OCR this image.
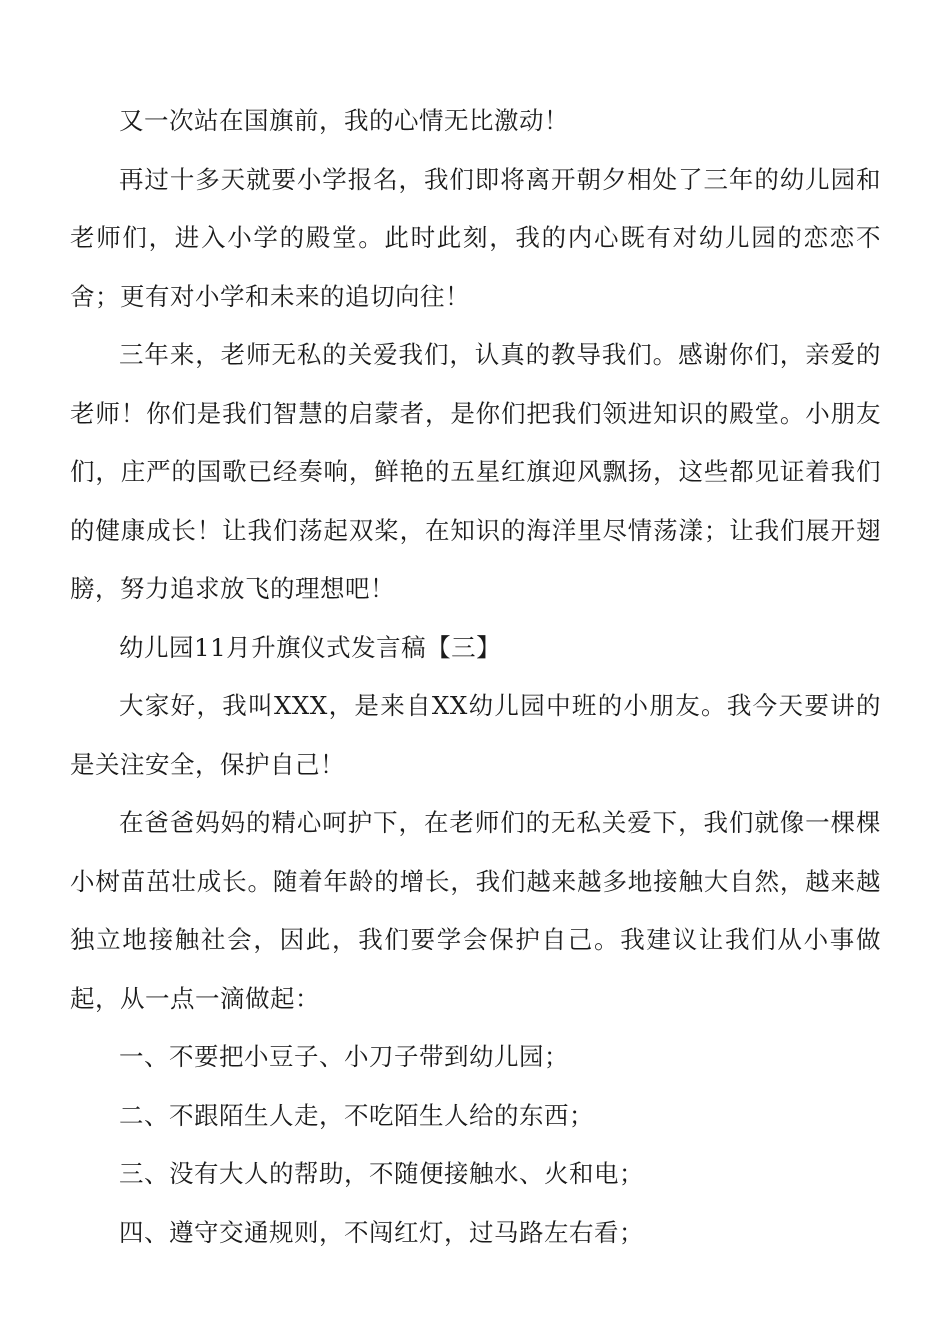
又一次站在国旗前，我的心情无比激动！

再过十多天就要小学报名，我们即将离开朝夕相处了三年的幼儿园和老师们，进入小学的殿堂。此时此刻，我的内心既有对幼儿园的恋恋不舍；更有对小学和未来的追切向往！

三年来，老师无私的关爱我们，认真的教导我们。感谢你们，亲爱的老师！你们是我们智慧的启蒙者，是你们把我们领进知识的殿堂。小朋友们，庄严的国歌已经奏响，鲜艳的五星红旗迎风飘扬，这些都见证着我们的健康成长！让我们荡起双桨，在知识的海洋里尽情荡漾；让我们展开翅膀，努力追求放飞的理想吧！

幼儿园11月升旗仪式发言稿【三】

大家好，我叫XXX，是来自XX幼儿园中班的小朋友。我今天要讲的是关注安全，保护自己！

在爸爸妈妈的精心呵护下，在老师们的无私关爱下，我们就像一棵棵小树苗茁壮成长。随着年龄的增长，我们越来越多地接触大自然，越来越独立地接触社会，因此，我们要学会保护自己。我建议让我们从小事做起，从一点一滴做起：

一、不要把小豆子、小刀子带到幼儿园；

二、不跟陌生人走，不吃陌生人给的东西；

三、没有大人的帮助，不随便接触水、火和电；

四、遵守交通规则，不闯红灯，过马路左右看；
